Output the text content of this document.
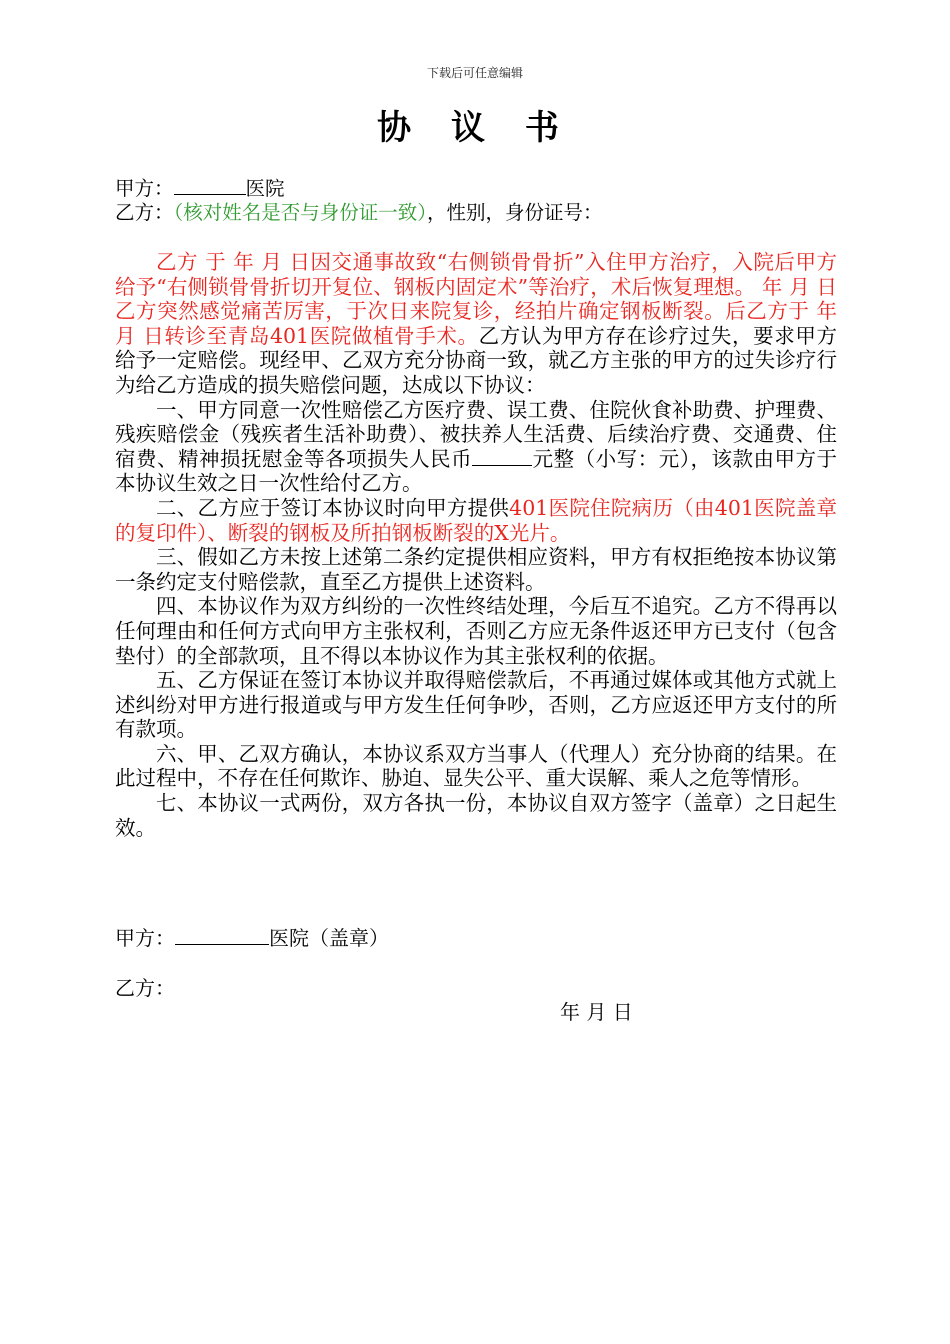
下载后可任意编辑
协 议 书
甲方：	医院
乙方：（核对姓名是否与身份证一致），性别，身份证号：

乙方 于 年 月 日因交通事故致“右侧锁骨骨折”入住甲方治疗，入院后甲方给予“右侧锁骨骨折切开复位、钢板内固定术”等治疗，术后恢复理想。 年 月 日乙方突然感觉痛苦厉害，于次日来院复诊，经拍片确定钢板断裂。后乙方于 年 月 日转诊至青岛401医院做植骨手术。乙方认为甲方存在诊疗过失，要求甲方给予一定赔偿。现经甲、乙双方充分协商一致，就乙方主张的甲方的过失诊疗行为给乙方造成的损失赔偿问题，达成以下协议：

一、甲方同意一次性赔偿乙方医疗费、误工费、住院伙食补助费、护理费、残疾赔偿金（残疾者生活补助费）、被扶养人生活费、后续治疗费、交通费、住宿费、精神损抚慰金等各项损失人民币	元整（小写：元），该款由甲方于本协议生效之日一次性给付乙方。

二、乙方应于签订本协议时向甲方提供401医院住院病历（由401医院盖章的复印件）、断裂的钢板及所拍钢板断裂的X光片。

三、假如乙方未按上述第二条约定提供相应资料，甲方有权拒绝按本协议第一条约定支付赔偿款，直至乙方提供上述资料。

四、本协议作为双方纠纷的一次性终结处理，今后互不追究。乙方不得再以任何理由和任何方式向甲方主张权利，否则乙方应无条件返还甲方已支付（包含垫付）的全部款项，且不得以本协议作为其主张权利的依据。

五、乙方保证在签订本协议并取得赔偿款后，不再通过媒体或其他方式就上述纠纷对甲方进行报道或与甲方发生任何争吵，否则，乙方应返还甲方支付的所有款项。

六、甲、乙双方确认，本协议系双方当事人（代理人）充分协商的结果。在此过程中，不存在任何欺诈、胁迫、显失公平、重大误解、乘人之危等情形。

七、本协议一式两份，双方各执一份，本协议自双方签字（盖章）之日起生效。

甲方：	医院（盖章）
乙方：
年 月 日
